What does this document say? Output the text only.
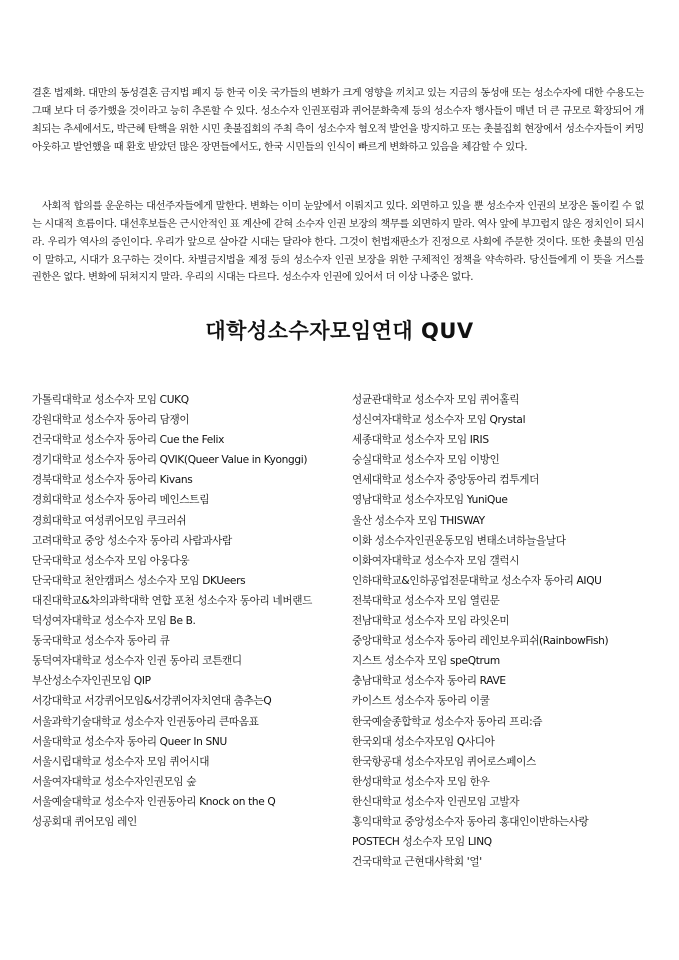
결혼 법제화. 대만의 동성결혼 금지법 폐지 등 한국 이웃 국가들의 변화가 크게 영향을 끼치고 있는 지금의 동성애 또는 성소수자에 대한 수용도는 그때 보다 더 증가했을 것이라고 능히 추론할 수 있다. 성소수자 인권포럼과 퀴어문화축제 등의 성소수자 행사들이 매년 더 큰 규모로 확장되어 개최되는 추세에서도, 박근혜 탄핵을 위한 시민 촛불집회의 주최 측이 성소수자 혐오적 발언을 방지하고 또는 촛불집회 현장에서 성소수자들이 커밍아웃하고 발언했을 때 환호 받았던 많은 장면들에서도, 한국 시민들의 인식이 빠르게 변화하고 있음을 체감할 수 있다.

사회적 합의를 운운하는 대선주자들에게 말한다. 변화는 이미 눈앞에서 이뤄지고 있다. 외면하고 있을 뿐 성소수자 인권의 보장은 돌이킬 수 없는 시대적 흐름이다. 대선후보들은 근시안적인 표 계산에 갇혀 소수자 인권 보장의 책무를 외면하지 말라. 역사 앞에 부끄럽지 않은 정치인이 되시라. 우리가 역사의 증인이다. 우리가 앞으로 살아갈 시대는 달라야 한다. 그것이 헌법재판소가 진정으로 사회에 주문한 것이다. 또한 촛불의 민심이 말하고, 시대가 요구하는 것이다. 차별금지법을 제정 등의 성소수자 인권 보장을 위한 구체적인 정책을 약속하라. 당신들에게 이 뜻을 거스를 권한은 없다. 변화에 뒤쳐지지 말라. 우리의 시대는 다르다. 성소수자 인권에 있어서 더 이상 나중은 없다.

대학성소수자모임연대 QUV
가톨릭대학교 성소수자 모임 CUKQ
강원대학교 성소수자 동아리 담쟁이
건국대학교 성소수자 동아리 Cue the Felix
경기대학교 성소수자 동아리 QVIK(Queer Value in Kyonggi)
경북대학교 성소수자 동아리 Kivans
경희대학교 성소수자 동아리 메인스트림
경희대학교 여성퀴어모임 쿠크러쉬
고려대학교 중앙 성소수자 동아리 사람과사람
단국대학교 성소수자 모임 아웅다웅
단국대학교 천안캠퍼스 성소수자 모임 DKUeers
대진대학교&차의과학대학 연합 포천 성소수자 동아리 네버랜드
덕성여자대학교 성소수자 모임 Be B.
동국대학교 성소수자 동아리 큐
동덕여자대학교 성소수자 인권 동아리 코튼캔디
부산성소수자인권모임 QIP
서강대학교 서강퀴어모임&서강퀴어자치연대 춤추는Q
서울과학기술대학교 성소수자 인권동아리 큰따옴표
서울대학교 성소수자 동아리 Queer In SNU
서울시립대학교 성소수자 모임 퀴어시대
서울여자대학교 성소수자인권모임 숲
서울예술대학교 성소수자 인권동아리 Knock on the Q
성공회대 퀴어모임 레인
성균관대학교 성소수자 모임 퀴어홀릭
성신여자대학교 성소수자 모임 Qrystal
세종대학교 성소수자 모임 IRIS
숭실대학교 성소수자 모임 이방인
연세대학교 성소수자 중앙동아리 컴투게더
영남대학교 성소수자모임 YuniQue
울산 성소수자 모임 THISWAY
이화 성소수자인권운동모임 변태소녀하늘을날다
이화여자대학교 성소수자 모임 갤럭시
인하대학교&인하공업전문대학교 성소수자 동아리 AIQU
전북대학교 성소수자 모임 열린문
전남대학교 성소수자 모임 라잇온미
중앙대학교 성소수자 동아리 레인보우피쉬(RainbowFish)
지스트 성소수자 모임 speQtrum
충남대학교 성소수자 동아리 RAVE
카이스트 성소수자 동아리 이쿨
한국예술종합학교 성소수자 동아리 프리:즘
한국외대 성소수자모임 Q사디아
한국항공대 성소수자모임 퀴어로스페이스
한성대학교 성소수자 모임 한우
한신대학교 성소수자 인권모임 고발자
홍익대학교 중앙성소수자 동아리 홍대인이반하는사랑
POSTECH 성소수자 모임 LINQ
건국대학교 근현대사학회 '얼'
